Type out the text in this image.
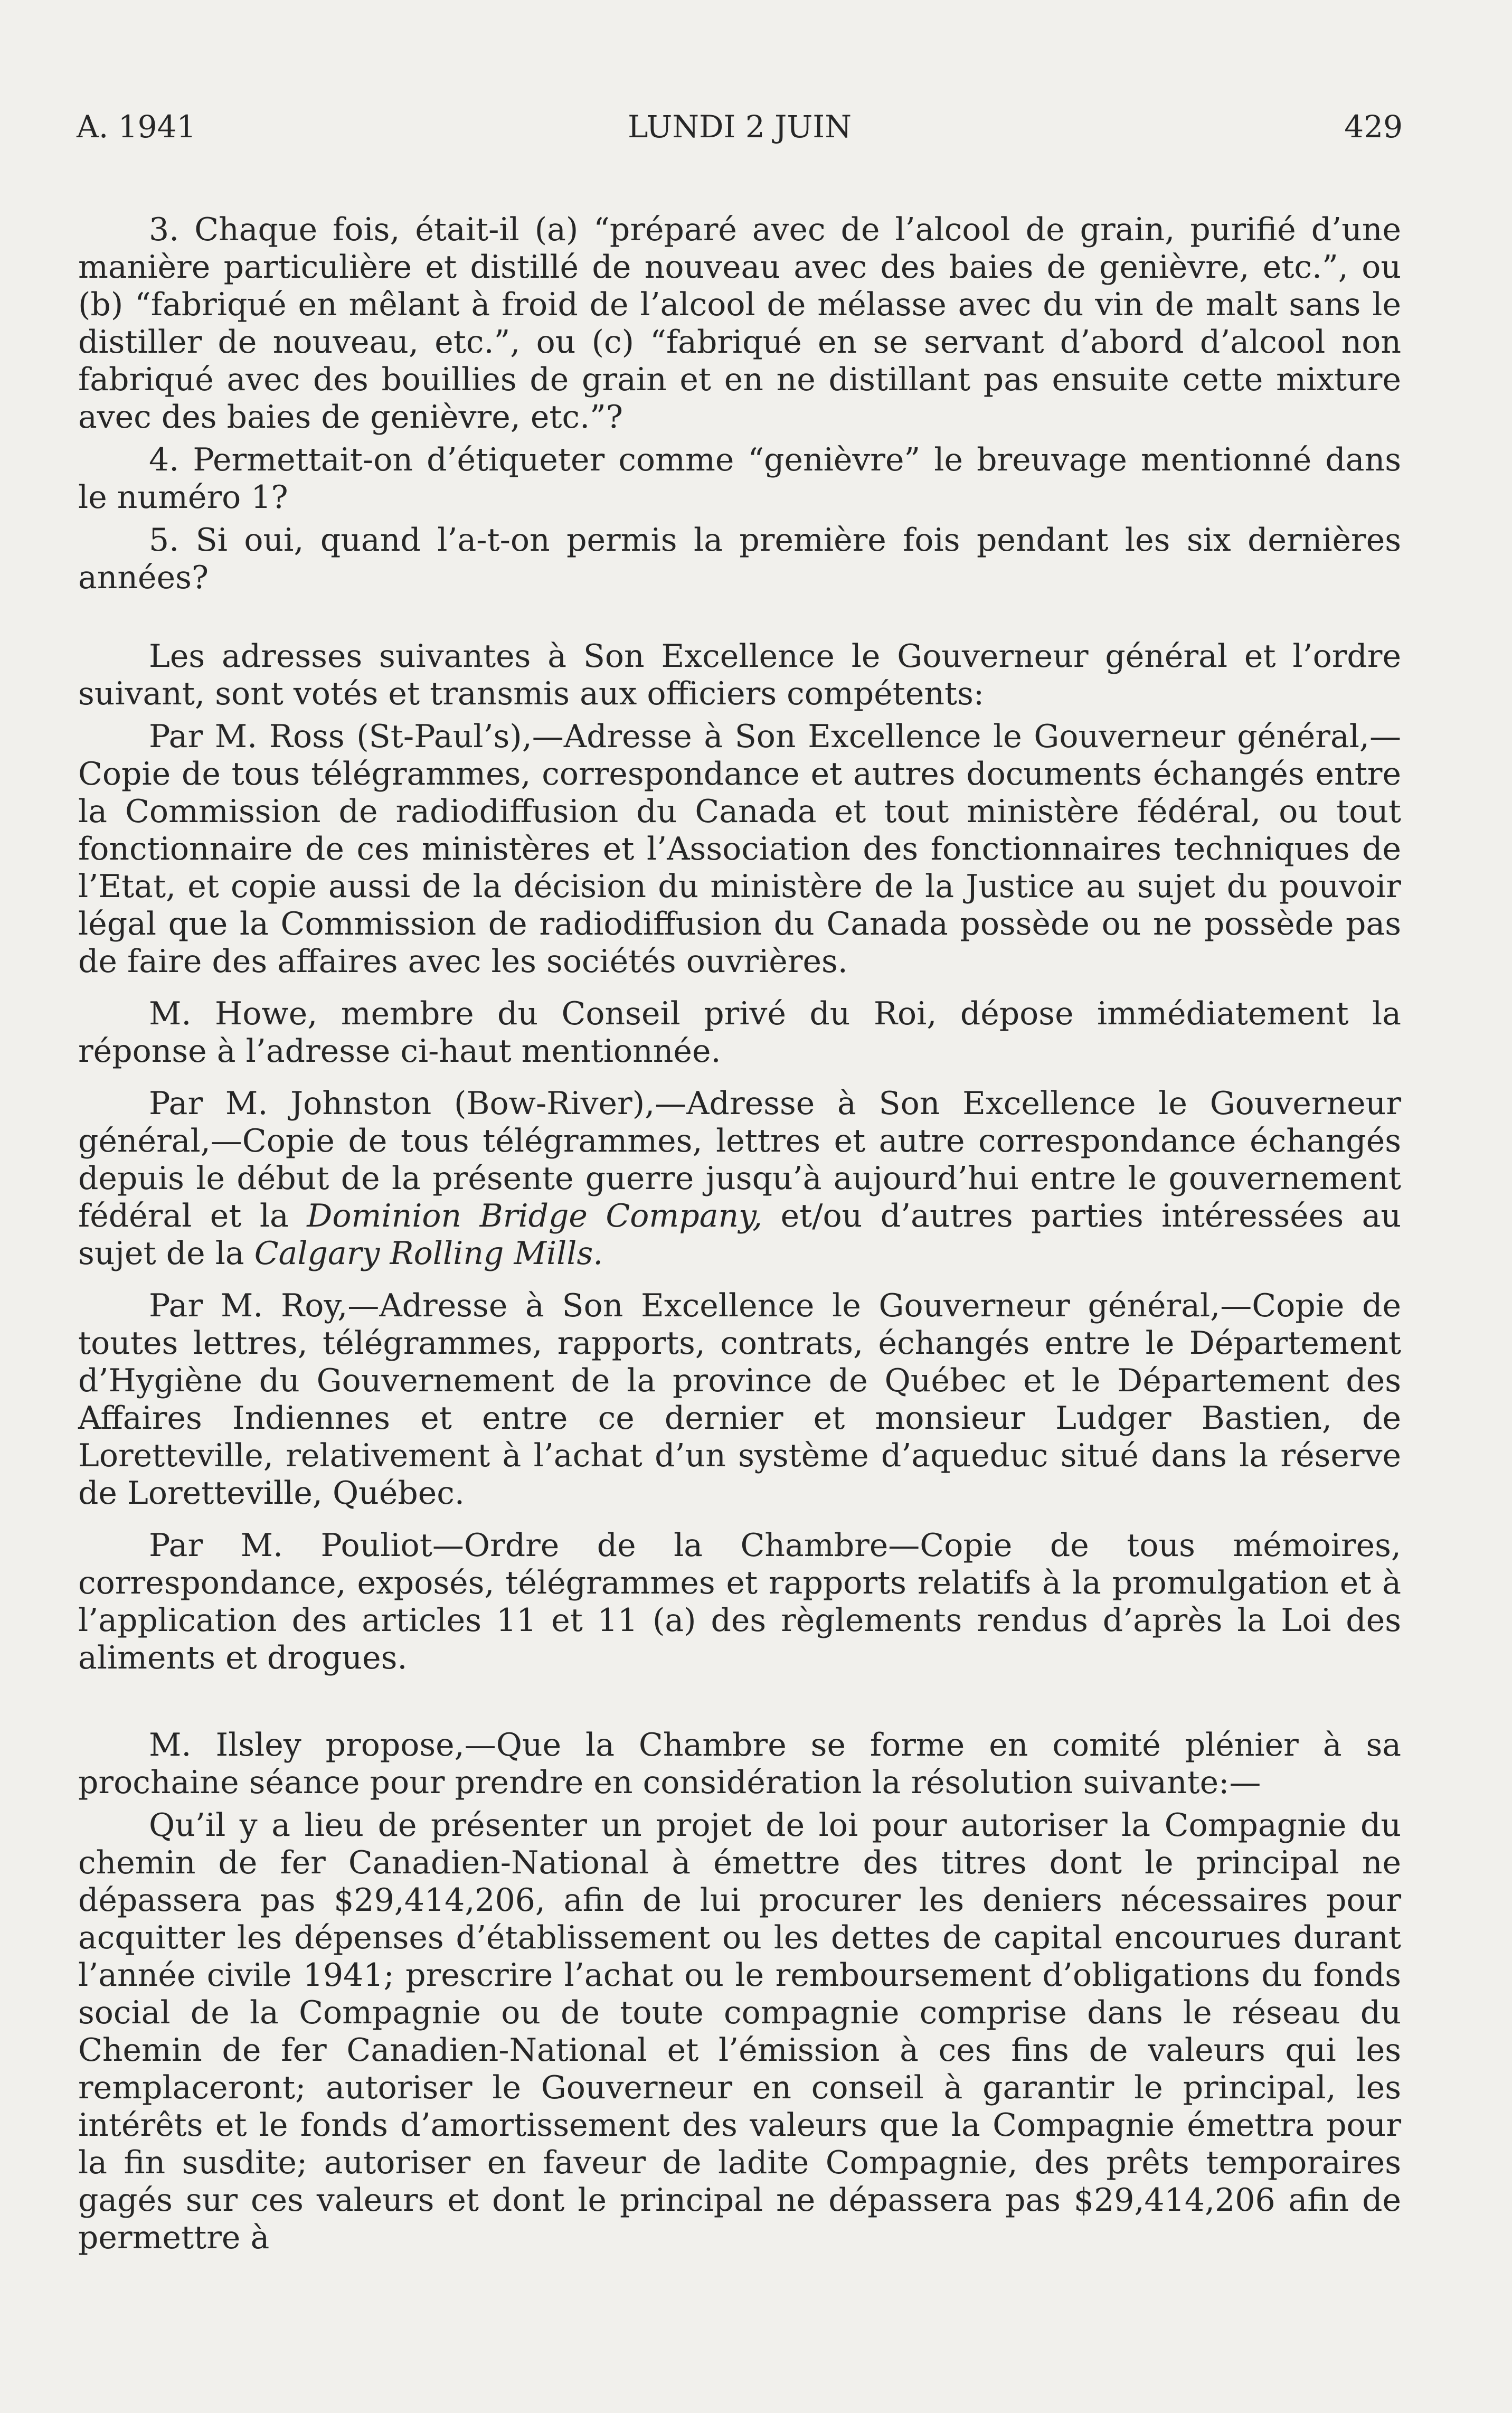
A. 1941	LUNDI 2 JUIN	429

3. Chaque fois, était-il (a) “préparé avec de l’alcool de grain, purifié d’une manière particulière et distillé de nouveau avec des baies de genièvre, etc.”, ou (b) “fabriqué en mêlant à froid de l’alcool de mélasse avec du vin de malt sans le distiller de nouveau, etc.”, ou (c) “fabriqué en se servant d’abord d’alcool non fabriqué avec des bouillies de grain et en ne distillant pas ensuite cette mixture avec des baies de genièvre, etc.”?

4. Permettait-on d’étiqueter comme “genièvre” le breuvage mentionné dans le numéro 1?

5. Si oui, quand l’a-t-on permis la première fois pendant les six dernières années?

Les adresses suivantes à Son Excellence le Gouverneur général et l’ordre suivant, sont votés et transmis aux officiers compétents:

Par M. Ross (St-Paul’s),—Adresse à Son Excellence le Gouverneur général,—Copie de tous télégrammes, correspondance et autres documents échangés entre la Commission de radiodiffusion du Canada et tout ministère fédéral, ou tout fonctionnaire de ces ministères et l’Association des fonctionnaires techniques de l’Etat, et copie aussi de la décision du ministère de la Justice au sujet du pouvoir légal que la Commission de radiodiffusion du Canada possède ou ne possède pas de faire des affaires avec les sociétés ouvrières.

M. Howe, membre du Conseil privé du Roi, dépose immédiatement la réponse à l’adresse ci-haut mentionnée.

Par M. Johnston (Bow-River),—Adresse à Son Excellence le Gouverneur général,—Copie de tous télégrammes, lettres et autre correspondance échangés depuis le début de la présente guerre jusqu’à aujourd’hui entre le gouvernement fédéral et la Dominion Bridge Company, et/ou d’autres parties intéressées au sujet de la Calgary Rolling Mills.

Par M. Roy,—Adresse à Son Excellence le Gouverneur général,—Copie de toutes lettres, télégrammes, rapports, contrats, échangés entre le Département d’Hygiène du Gouvernement de la province de Québec et le Département des Affaires Indiennes et entre ce dernier et monsieur Ludger Bastien, de Loretteville, relativement à l’achat d’un système d’aqueduc situé dans la réserve de Loretteville, Québec.

Par M. Pouliot—Ordre de la Chambre—Copie de tous mémoires, correspondance, exposés, télégrammes et rapports relatifs à la promulgation et à l’application des articles 11 et 11 (a) des règlements rendus d’après la Loi des aliments et drogues.

M. Ilsley propose,—Que la Chambre se forme en comité plénier à sa prochaine séance pour prendre en considération la résolution suivante:—

Qu’il y a lieu de présenter un projet de loi pour autoriser la Compagnie du chemin de fer Canadien-National à émettre des titres dont le principal ne dépassera pas $29,414,206, afin de lui procurer les deniers nécessaires pour acquitter les dépenses d’établissement ou les dettes de capital encourues durant l’année civile 1941; prescrire l’achat ou le remboursement d’obligations du fonds social de la Compagnie ou de toute compagnie comprise dans le réseau du Chemin de fer Canadien-National et l’émission à ces fins de valeurs qui les remplaceront; autoriser le Gouverneur en conseil à garantir le principal, les intérêts et le fonds d’amortissement des valeurs que la Compagnie émettra pour la fin susdite; autoriser en faveur de ladite Compagnie, des prêts temporaires gagés sur ces valeurs et dont le principal ne dépassera pas $29,414,206 afin de permettre à
